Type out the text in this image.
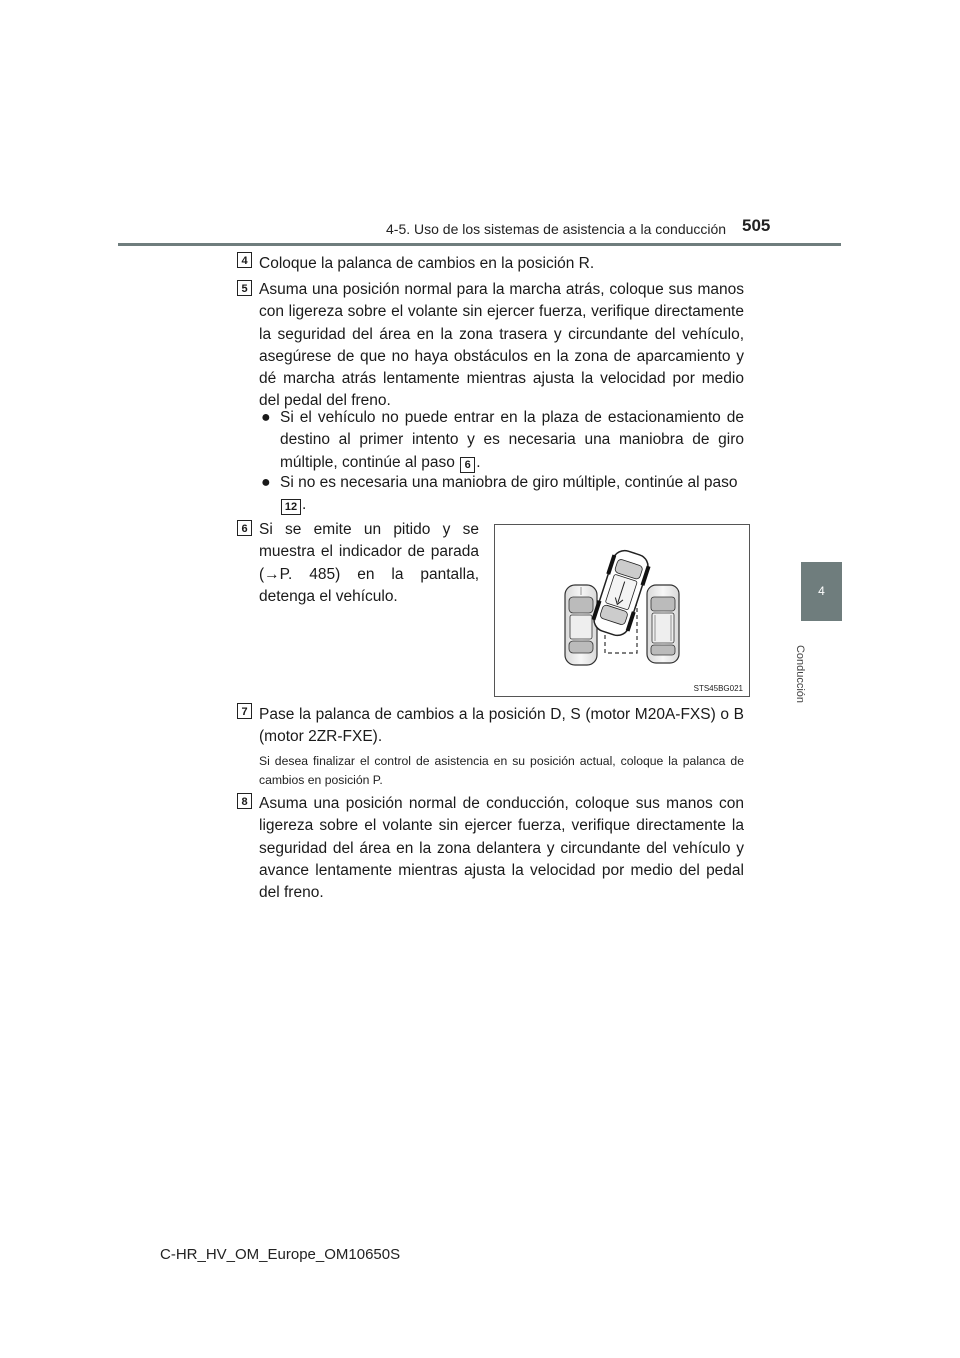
4-5. Uso de los sistemas de asistencia a la conducción 505
4
Conducción
4 Coloque la palanca de cambios en la posición R.
5 Asuma una posición normal para la marcha atrás, coloque sus manos con ligereza sobre el volante sin ejercer fuerza, verifique directamente la seguridad del área en la zona trasera y circundante del vehículo, asegúrese de que no haya obstáculos en la zona de aparcamiento y dé marcha atrás lentamente mientras ajusta la velocidad por medio del pedal del freno.
● Si el vehículo no puede entrar en la plaza de estacionamiento de destino al primer intento y es necesaria una maniobra de giro múltiple, continúe al paso 6 .
● Si no es necesaria una maniobra de giro múltiple, continúe al paso
12 .
6 Si se emite un pitido y se muestra el indicador de parada (→P. 485) en la pantalla, detenga el vehículo.
STS45BG021
7 Pase la palanca de cambios a la posición D, S (motor M20A-FXS) o B (motor 2ZR-FXE).
Si desea finalizar el control de asistencia en su posición actual, coloque la palanca de cambios en posición P.
8 Asuma una posición normal de conducción, coloque sus manos con ligereza sobre el volante sin ejercer fuerza, verifique directamente la seguridad del área en la zona delantera y circundante del vehículo y avance lentamente mientras ajusta la velocidad por medio del pedal del freno.
C-HR_HV_OM_Europe_OM10650S
